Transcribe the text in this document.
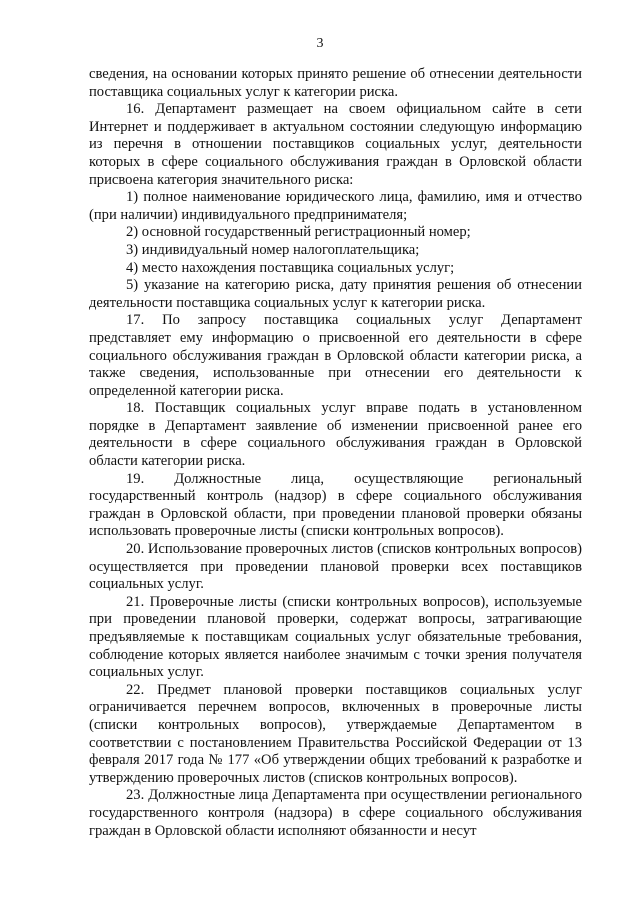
3

сведения, на основании которых принято решение об отнесении деятельности поставщика социальных услуг к категории риска.

16. Департамент размещает на своем официальном сайте в сети Интернет и поддерживает в актуальном состоянии следующую информацию из перечня в отношении поставщиков социальных услуг, деятельности которых в сфере социального обслуживания граждан в Орловской области присвоена категория значительного риска:

1) полное наименование юридического лица, фамилию, имя и отчество (при наличии) индивидуального предпринимателя;

2) основной государственный регистрационный номер;

3) индивидуальный номер налогоплательщика;

4) место нахождения поставщика социальных услуг;

5) указание на категорию риска, дату принятия решения об отнесении деятельности поставщика социальных услуг к категории риска.

17. По запросу поставщика социальных услуг Департамент представляет ему информацию о присвоенной его деятельности в сфере социального обслуживания граждан в Орловской области категории риска, а также сведения, использованные при отнесении его деятельности к определенной категории риска.

18. Поставщик социальных услуг вправе подать в установленном порядке в Департамент заявление об изменении присвоенной ранее его деятельности в сфере социального обслуживания граждан в Орловской области категории риска.

19. Должностные лица, осуществляющие региональный государственный контроль (надзор) в сфере социального обслуживания граждан в Орловской области, при проведении плановой проверки обязаны использовать проверочные листы (списки контрольных вопросов).

20. Использование проверочных листов (списков контрольных вопросов) осуществляется при проведении плановой проверки всех поставщиков социальных услуг.

21. Проверочные листы (списки контрольных вопросов), используемые при проведении плановой проверки, содержат вопросы, затрагивающие предъявляемые к поставщикам социальных услуг обязательные требования, соблюдение которых является наиболее значимым с точки зрения получателя социальных услуг.

22. Предмет плановой проверки поставщиков социальных услуг ограничивается перечнем вопросов, включенных в проверочные листы (списки контрольных вопросов), утверждаемые Департаментом в соответствии с постановлением Правительства Российской Федерации от 13 февраля 2017 года № 177 «Об утверждении общих требований к разработке и утверждению проверочных листов (списков контрольных вопросов).

23. Должностные лица Департамента при осуществлении регионального государственного контроля (надзора) в сфере социального обслуживания граждан в Орловской области исполняют обязанности и несут
